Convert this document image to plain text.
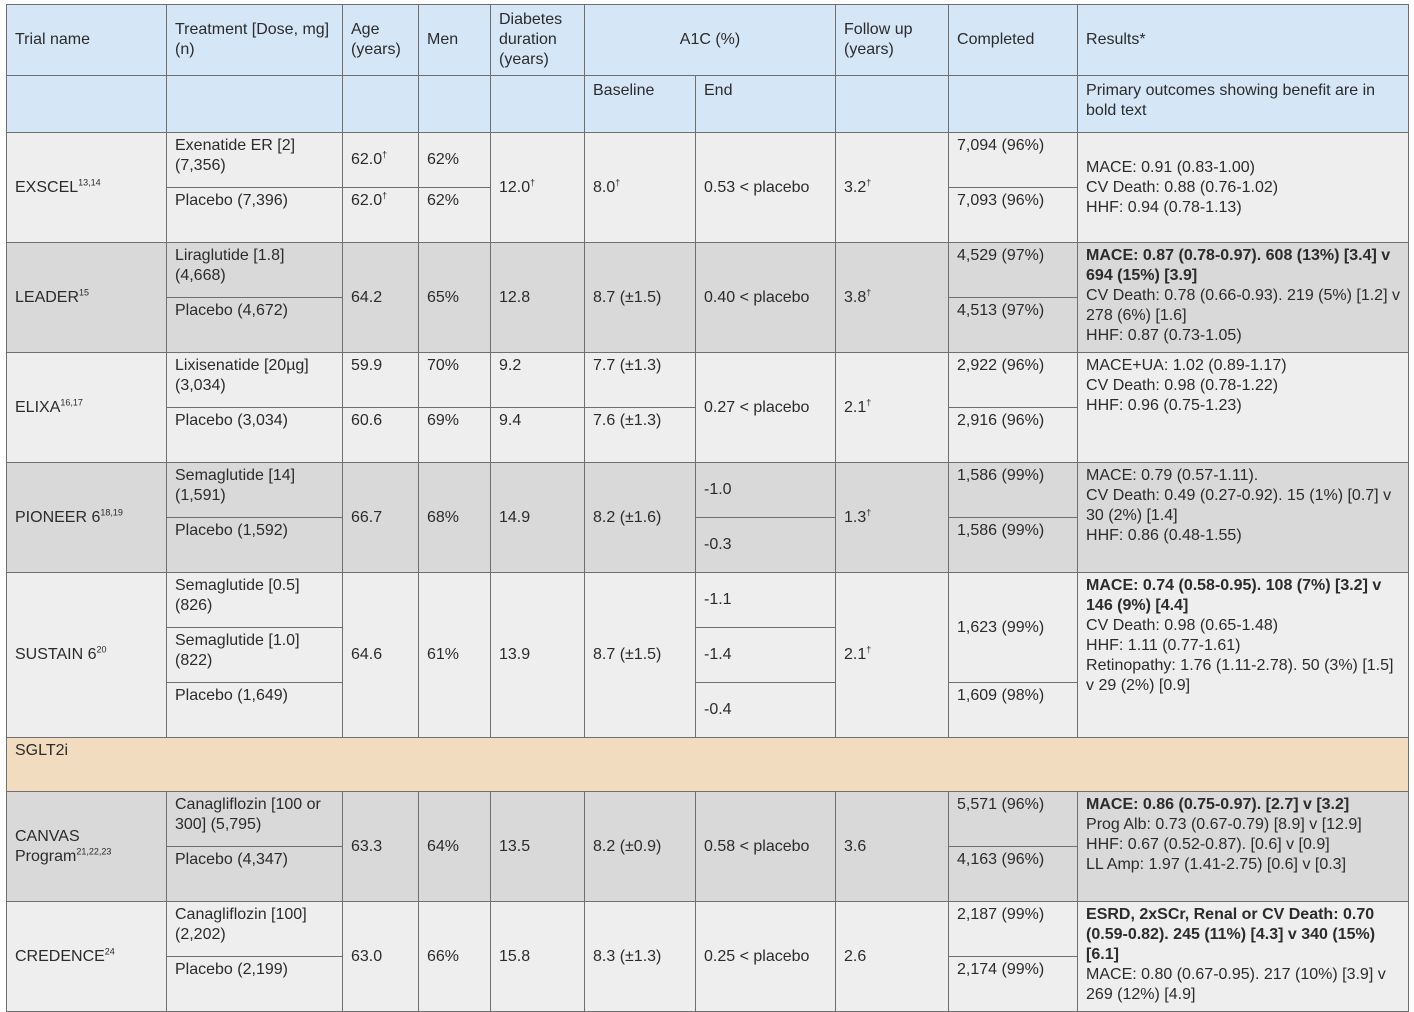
Trial name	Treatment [Dose, mg] (n)	Age (years)	Men	Diabetes duration (years)	A1C (%)		Follow up (years)	Completed	Results*
					Baseline	End			Primary outcomes showing benefit are in bold text
EXSCEL$^{13,14}$	Exenatide ER [2] (7,356)	62.0†	62%	12.0†	8.0†	0.53 < placebo	3.2†	7,094 (96%)	MACE: 0.91 (0.83-1.00)
CV Death: 0.88 (0.76-1.02)
HHF: 0.94 (0.78-1.13)

	Placebo (7,396)	62.0†	62%					7,093 (96%)	
LEADER$^{15}$	Liraglutide [1.8] (4,668)	64.2	65%	12.8	8.7 (±1.5)	0.40 < placebo	3.8†	4,529 (97%)	MACE: 0.87 (0.78-0.97). 608 (13%) [3.4] v 694 (15%) [3.9]
CV Death: 0.78 (0.66-0.93). 219 (5%) [1.2] v 278 (6%) [1.6]
HHF: 0.87 (0.73-1.05)

	Placebo (4,672)							4,513 (97%)	
ELIXA$^{16,17}$	Lixisenatide [20µg] (3,034)	59.9	70%	9.2	7.7 (±1.3)	0.27 < placebo	2.1†	2,922 (96%)	MACE+UA: 1.02 (0.89-1.17)
CV Death: 0.98 (0.78-1.22)
HHF: 0.96 (0.75-1.23)

	Placebo (3,034)	60.6	69%	9.4	7.6 (±1.3)			2,916 (96%)	
PIONEER 6$^{18,19}$	Semaglutide [14] (1,591)	66.7	68%	14.9	8.2 (±1.6)	-1.0	1.3†	1,586 (99%)	MACE: 0.79 (0.57-1.11).
CV Death: 0.49 (0.27-0.92). 15 (1%) [0.7] v 30 (2%) [1.4]
HHF: 0.86 (0.48-1.55)

	Placebo (1,592)					-0.3		1,586 (99%)	
SUSTAIN $6^{20}$	Semaglutide [0.5] (826)	64.6	61%	13.9	8.7 (±1.5)	-1.1	2.1†	1,623 (99%)	MACE: 0.74 (0.58-0.95). 108 (7%) [3.2] v 146 (9%) [4.4]
CV Death: 0.98 (0.65-1.48)
HHF: 1.11 (0.77-1.61)
Retinopathy: 1.76 (1.11-2.78). 50 (3%) [1.5] v 29 (2%) [0.9]

	Semaglutide [1.0] (822)					-1.4			
	Placebo (1,649)					-0.4		1,609 (98%)	
SGLT2i									
CANVAS Program$^{21,22,23}$	Canagliflozin [100 or 300] (5,795)	63.3	64%	13.5	8.2 (±0.9)	0.58 < placebo	3.6	5,571 (96%)	MACE: 0.86 (0.75-0.97). [2.7] v [3.2]
Prog Alb: 0.73 (0.67-0.79) [8.9] v [12.9]
HHF: 0.67 (0.52-0.87). [0.6] v [0.9]
LL Amp: 1.97 (1.41-2.75) [0.6] v [0.3]

	Placebo (4,347)							4,163 (96%)	
CREDENCE$^{24}$	Canagliflozin [100] (2,202)	63.0	66%	15.8	8.3 (±1.3)	0.25 < placebo	2.6	2,187 (99%)	ESRD, 2xSCr, Renal or CV Death: 0.70 (0.59-0.82). 245 (11%) [4.3] v 340 (15%) [6.1]
MACE: 0.80 (0.67-0.95). 217 (10%) [3.9] v 269 (12%) [4.9]

	Placebo (2,199)							2,174 (99%)	
